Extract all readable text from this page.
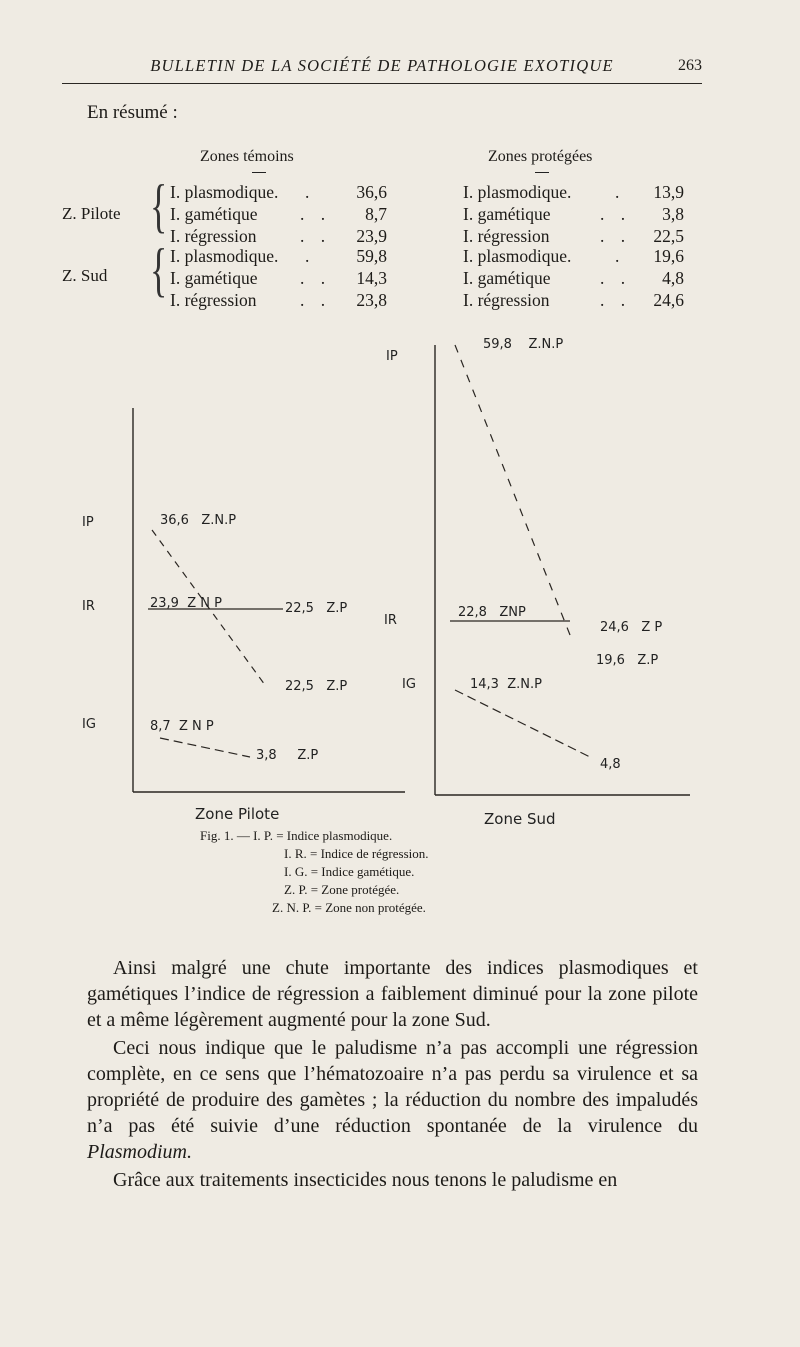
BULLETIN DE LA SOCIÉTÉ DE PATHOLOGIE EXOTIQUE	263
En résumé :
Zones témoins	Zones protégées
Z. Pilote { I. plasmodique. .	36,6	I. plasmodique. .	13,9
I. gamétique . .	8,7	I. gamétique	. .	3,8
I. régression . .	23,9	I. régression	. .	22,5
Z. Sud { I. plasmodique. .	59,8	I. plasmodique. .	19,6
I. gamétique . .	14,3	I. gamétique	. .	4,8
I. régression . .	23,8	I. régression	. .	24,6
IP
IR
IG
36,6   Z.N.P
23,9  Z N P	22,5   Z.P
22,5   Z.P
8,7  Z N P
3,8     Z.P
Zone Pilote
IP
IR
IG
59,8    Z.N.P
22,8   ZNP
24,6   Z P
19,6   Z.P
14,3  Z.N.P
4,8
Zone Sud
Fig. 1. — I. P. = Indice plasmodique.
I. R. = Indice de régression.
I. G. = Indice gamétique.
Z. P. = Zone protégée.
Z. N. P. = Zone non protégée.

Ainsi malgré une chute importante des indices plasmodiques et gamétiques l’indice de régression a faiblement diminué pour la zone pilote et a même légèrement augmenté pour la zone Sud.

Ceci nous indique que le paludisme n’a pas accompli une régression complète, en ce sens que l’hématozoaire n’a pas perdu sa virulence et sa propriété de produire des gamètes ; la réduction du nombre des impaludés n’a pas été suivie d’une réduction spontanée de la virulence du Plasmodium.

Grâce aux traitements insecticides nous tenons le paludisme en
